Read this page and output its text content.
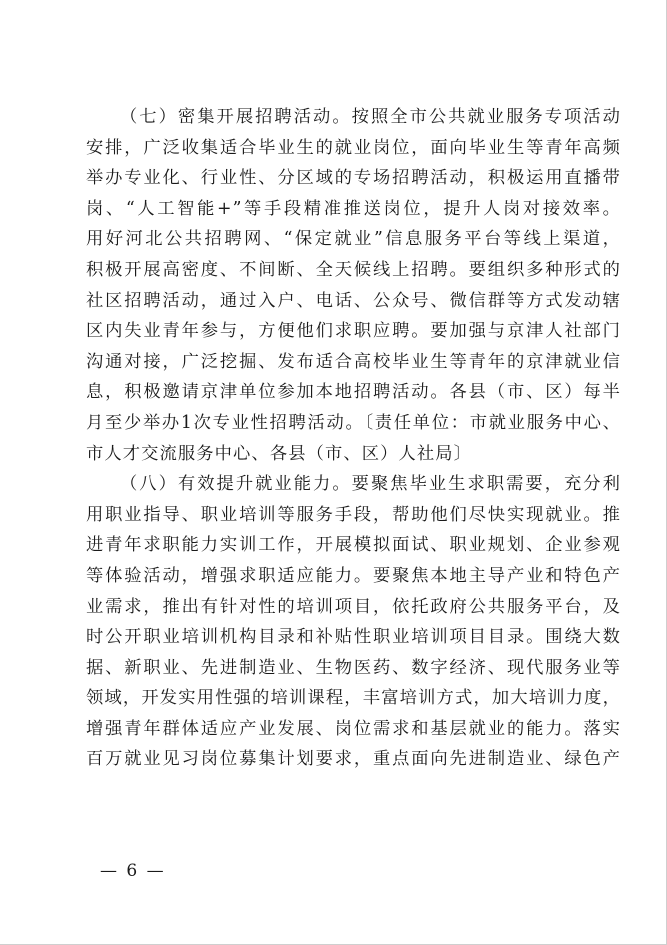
（七）密集开展招聘活动。按照全市公共就业服务专项活动
安排，广泛收集适合毕业生的就业岗位，面向毕业生等青年高频
举办专业化、行业性、分区域的专场招聘活动，积极运用直播带
岗、“人工智能+”等手段精准推送岗位，提升人岗对接效率。
用好河北公共招聘网、“保定就业”信息服务平台等线上渠道，
积极开展高密度、不间断、全天候线上招聘。要组织多种形式的
社区招聘活动，通过入户、电话、公众号、微信群等方式发动辖
区内失业青年参与，方便他们求职应聘。要加强与京津人社部门
沟通对接，广泛挖掘、发布适合高校毕业生等青年的京津就业信
息，积极邀请京津单位参加本地招聘活动。各县（市、区）每半
月至少举办1次专业性招聘活动。〔责任单位：市就业服务中心、
市人才交流服务中心、各县（市、区）人社局〕
（八）有效提升就业能力。要聚焦毕业生求职需要，充分利
用职业指导、职业培训等服务手段，帮助他们尽快实现就业。推
进青年求职能力实训工作，开展模拟面试、职业规划、企业参观
等体验活动，增强求职适应能力。要聚焦本地主导产业和特色产
业需求，推出有针对性的培训项目，依托政府公共服务平台，及
时公开职业培训机构目录和补贴性职业培训项目目录。围绕大数
据、新职业、先进制造业、生物医药、数字经济、现代服务业等
领域，开发实用性强的培训课程，丰富培训方式，加大培训力度，
增强青年群体适应产业发展、岗位需求和基层就业的能力。落实
百万就业见习岗位募集计划要求，重点面向先进制造业、绿色产
— 6 —
